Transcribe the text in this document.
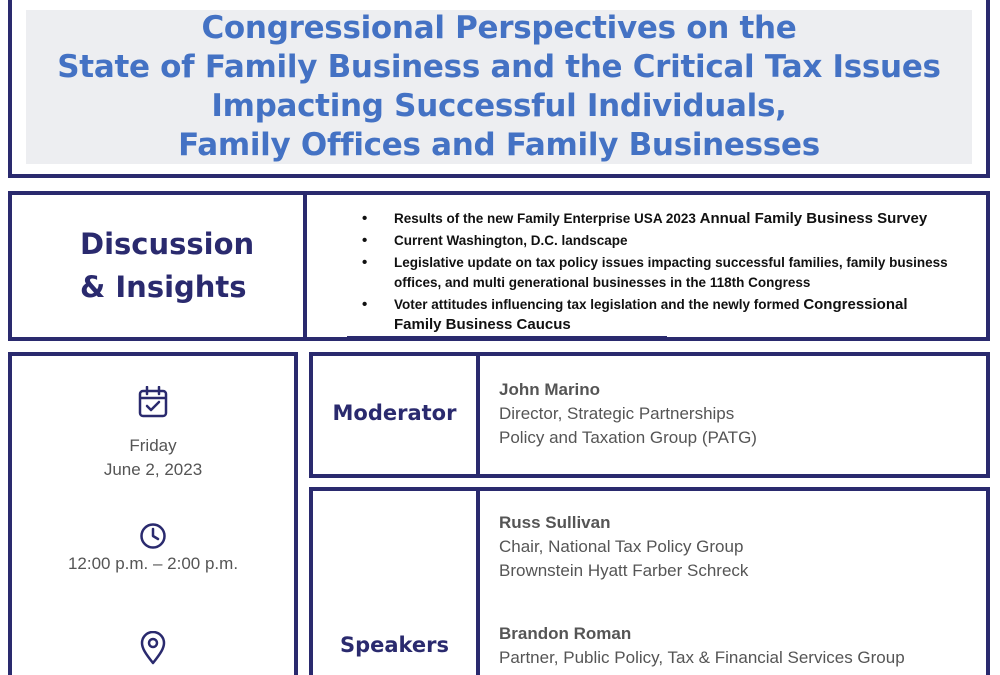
Congressional Perspectives on the
State of Family Business and the Critical Tax Issues
Impacting Successful Individuals,
Family Offices and Family Businesses
Discussion
& Insights
• Results of the new Family Enterprise USA 2023 Annual Family Business Survey
• Current Washington, D.C. landscape
• Legislative update on tax policy issues impacting successful families, family business offices, and multi generational businesses in the 118th Congress
• Voter attitudes influencing tax legislation and the newly formed Congressional Family Business Caucus
Friday
June 2, 2023
12:00 p.m. – 2:00 p.m.
Moderator
John Marino
Director, Strategic Partnerships
Policy and Taxation Group (PATG)
Speakers
Russ Sullivan
Chair, National Tax Policy Group
Brownstein Hyatt Farber Schreck
Brandon Roman
Partner, Public Policy, Tax & Financial Services Group
